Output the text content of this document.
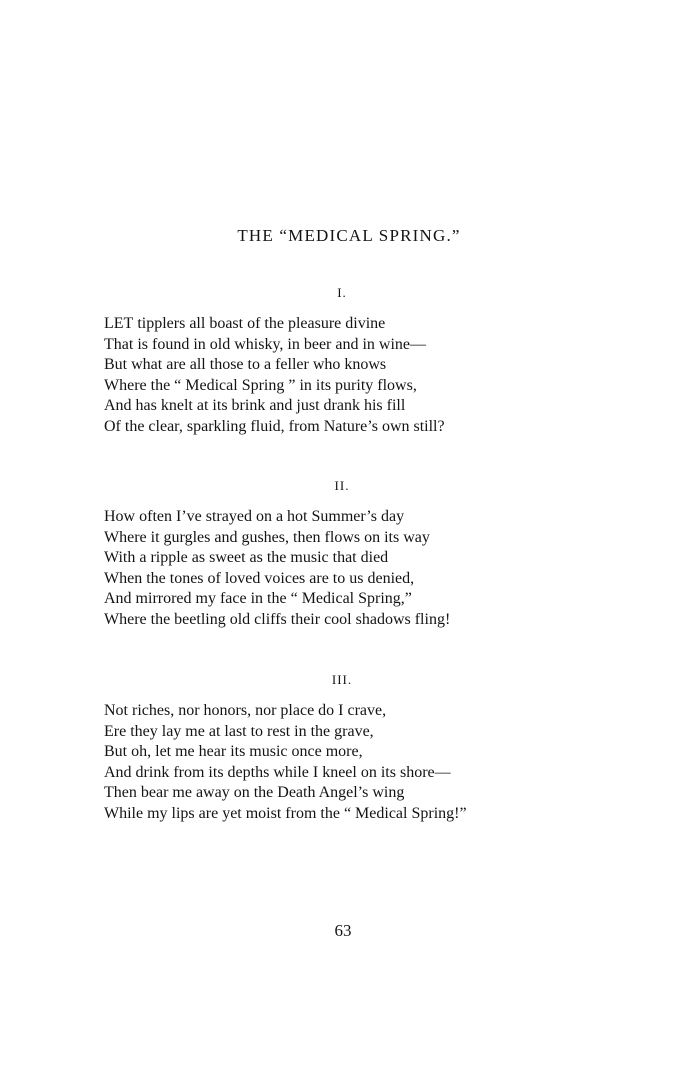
THE “MEDICAL SPRING.”
I.
LET tipplers all boast of the pleasure divine
That is found in old whisky, in beer and in wine—
But what are all those to a feller who knows
Where the “ Medical Spring ” in its purity flows,
And has knelt at its brink and just drank his fill
Of the clear, sparkling fluid, from Nature’s own still?
II.
How often I’ve strayed on a hot Summer’s day
Where it gurgles and gushes, then flows on its way
With a ripple as sweet as the music that died
When the tones of loved voices are to us denied,
And mirrored my face in the “ Medical Spring,”
Where the beetling old cliffs their cool shadows fling!
III.
Not riches, nor honors, nor place do I crave,
Ere they lay me at last to rest in the grave,
But oh, let me hear its music once more,
And drink from its depths while I kneel on its shore—
Then bear me away on the Death Angel’s wing
While my lips are yet moist from the “ Medical Spring!”
63
